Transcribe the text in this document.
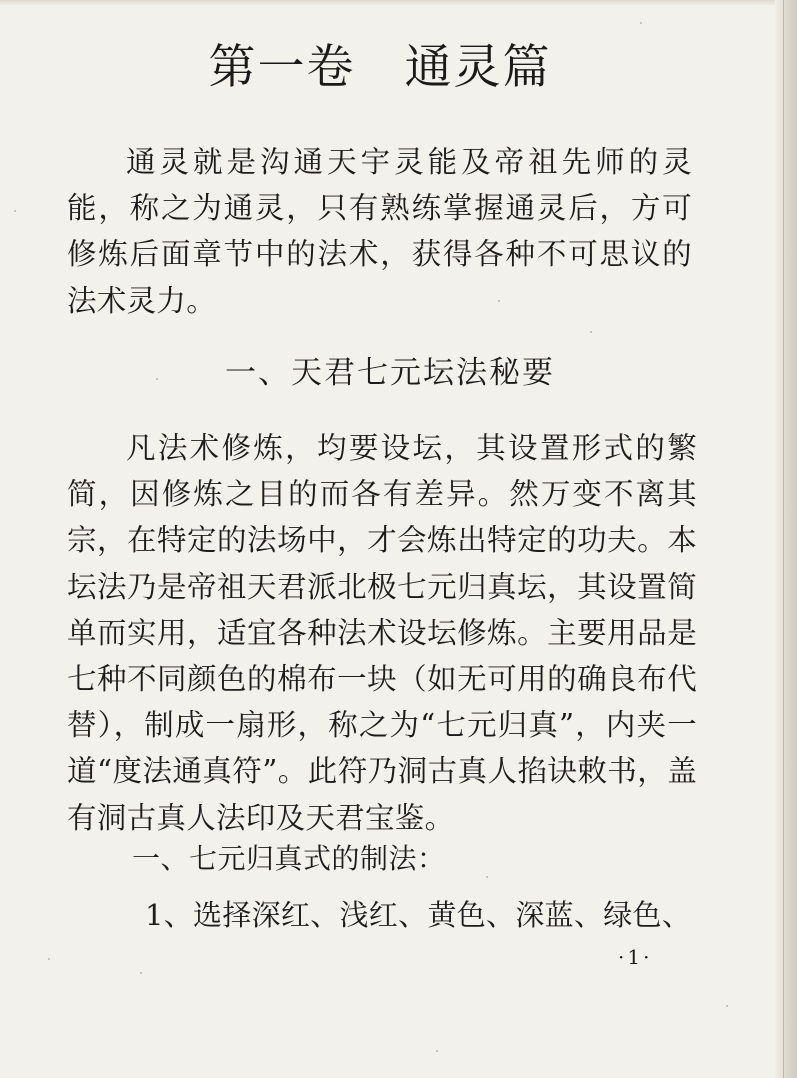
第一卷　通灵篇

通灵就是沟通天宇灵能及帝祖先师的灵能，称之为通灵，只有熟练掌握通灵后，方可修炼后面章节中的法术，获得各种不可思议的法术灵力。

一、天君七元坛法秘要

凡法术修炼，均要设坛，其设置形式的繁简，因修炼之目的而各有差异。然万变不离其宗，在特定的法场中，才会炼出特定的功夫。本坛法乃是帝祖天君派北极七元归真坛，其设置简单而实用，适宜各种法术设坛修炼。主要用品是七种不同颜色的棉布一块（如无可用的确良布代替），制成一扇形，称之为“七元归真”，内夹一道“度法通真符”。此符乃洞古真人掐诀敕书，盖有洞古真人法印及天君宝鉴。

一、七元归真式的制法：
1、选择深红、浅红、黄色、深蓝、绿色、
·1·
